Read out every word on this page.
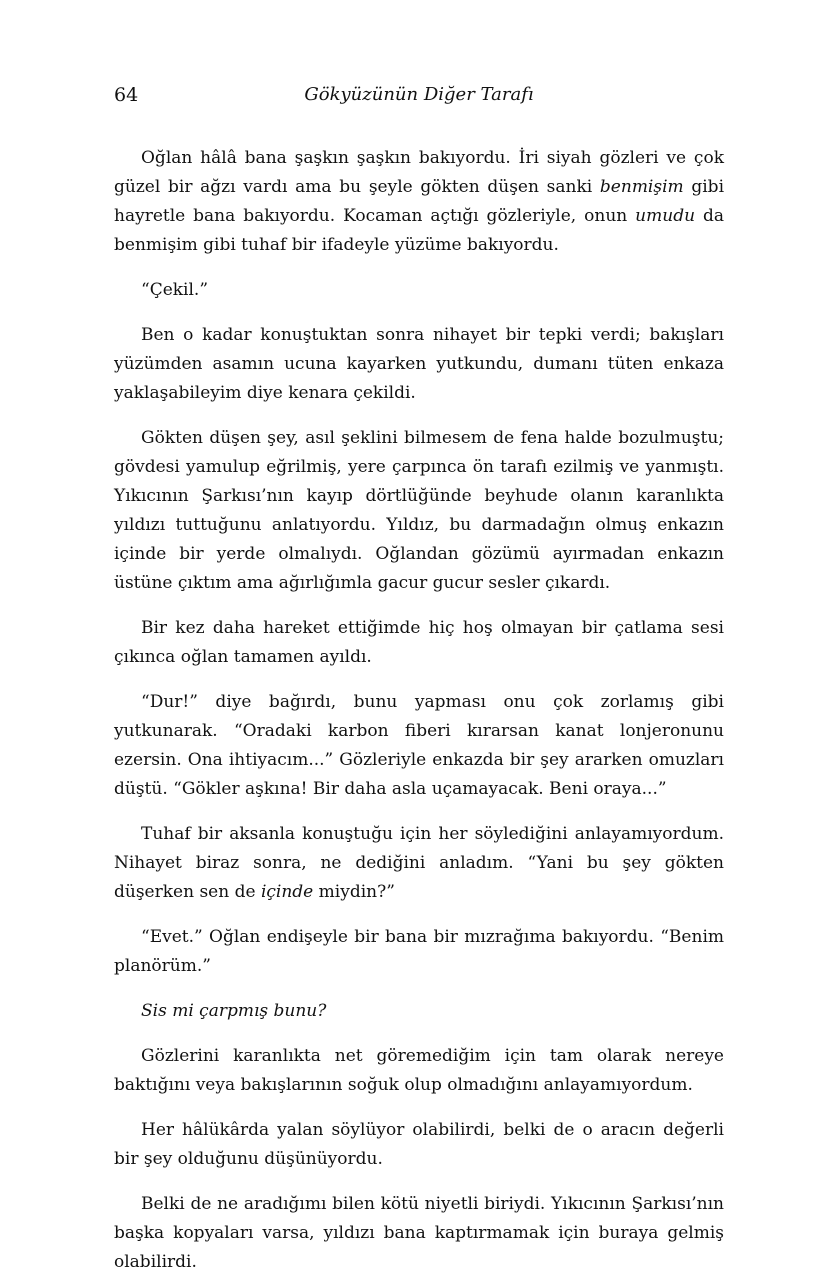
64	Gökyüzünün Diğer Tarafı

Oğlan hâlâ bana şaşkın şaşkın bakıyordu. İri siyah gözleri ve çok güzel bir ağzı vardı ama bu şeyle gökten düşen sanki benmişim gibi hayretle bana bakıyordu. Kocaman açtığı gözleriyle, onun umudu da benmişim gibi tuhaf bir ifadeyle yüzüme bakıyordu.

“Çekil.”

Ben o kadar konuştuktan sonra nihayet bir tepki verdi; bakışları yüzümden asamın ucuna kayarken yutkundu, dumanı tüten enkaza yaklaşabileyim diye kenara çekildi.

Gökten düşen şey, asıl şeklini bilmesem de fena halde bozulmuştu; gövdesi yamulup eğrilmiş, yere çarpınca ön tarafı ezilmiş ve yanmıştı. Yıkıcının Şarkısı’nın kayıp dörtlüğünde beyhude olanın karanlıkta yıldızı tuttuğunu anlatıyordu. Yıldız, bu darmadağın olmuş enkazın içinde bir yerde olmalıydı. Oğlandan gözümü ayırmadan enkazın üstüne çıktım ama ağırlığımla gacur gucur sesler çıkardı.

Bir kez daha hareket ettiğimde hiç hoş olmayan bir çatlama sesi çıkınca oğlan tamamen ayıldı.

“Dur!” diye bağırdı, bunu yapması onu çok zorlamış gibi yutkunarak. “Oradaki karbon fiberi kırarsan kanat lonjeronunu ezersin. Ona ihtiyacım...” Gözleriyle enkazda bir şey ararken omuzları düştü. “Gökler aşkına! Bir daha asla uçamayacak. Beni oraya...”

Tuhaf bir aksanla konuştuğu için her söylediğini anlayamıyordum. Nihayet biraz sonra, ne dediğini anladım. “Yani bu şey gökten düşerken sen de içinde miydin?”

“Evet.” Oğlan endişeyle bir bana bir mızrağıma bakıyordu. “Benim planörüm.”

Sis mi çarpmış bunu?

Gözlerini karanlıkta net göremediğim için tam olarak nereye baktığını veya bakışlarının soğuk olup olmadığını anlayamıyordum.

Her hâlükârda yalan söylüyor olabilirdi, belki de o aracın değerli bir şey olduğunu düşünüyordu.

Belki de ne aradığımı bilen kötü niyetli biriydi. Yıkıcının Şarkısı’nın başka kopyaları varsa, yıldızı bana kaptırmamak için buraya gelmiş olabilirdi.
